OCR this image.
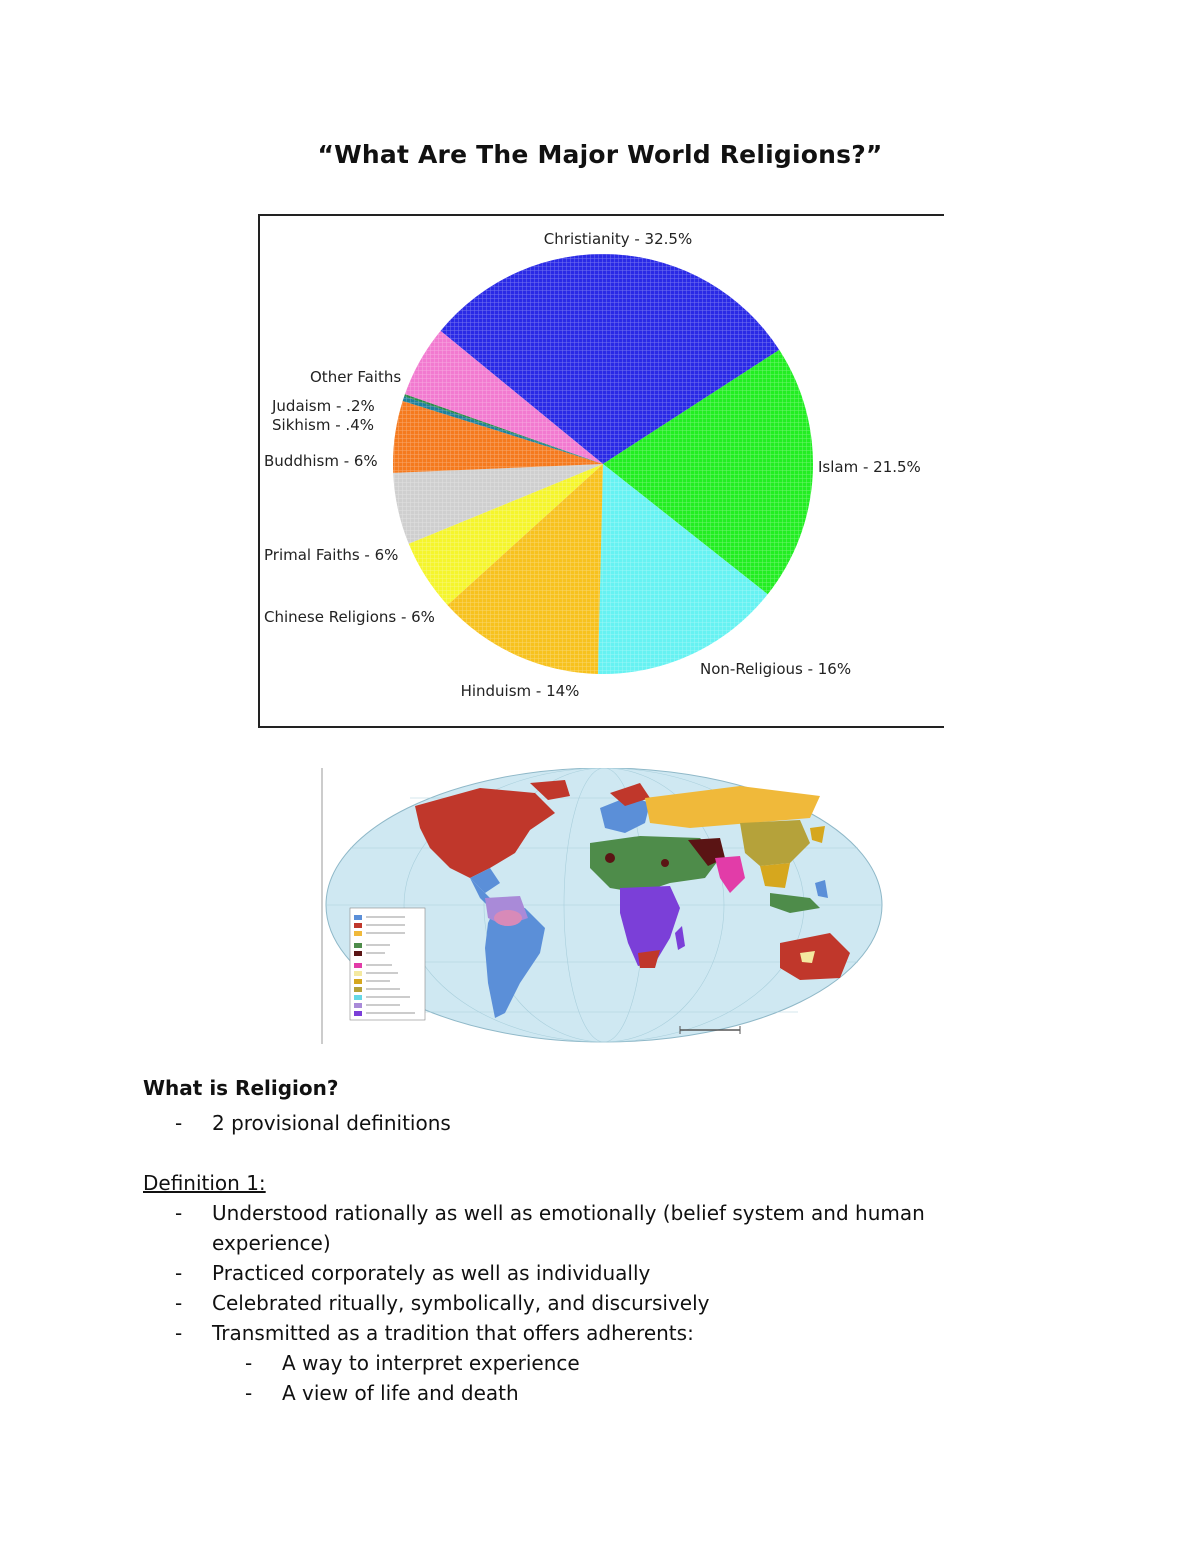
“What Are The Major World Religions?”
Christianity - 32.5%
Islam - 21.5%
Non-Religious - 16%
Hinduism - 14%
Chinese Religions - 6%
Primal Faiths - 6%
Buddhism - 6%
Sikhism - .4%
Judaism - .2%
Other Faiths
What is Religion?
- 2 provisional definitions
Definition 1:
- Understood rationally as well as emotionally (belief system and human experience)
- Practiced corporately as well as individually
- Celebrated ritually, symbolically, and discursively
- Transmitted as a tradition that offers adherents:
- A way to interpret experience
- A view of life and death
